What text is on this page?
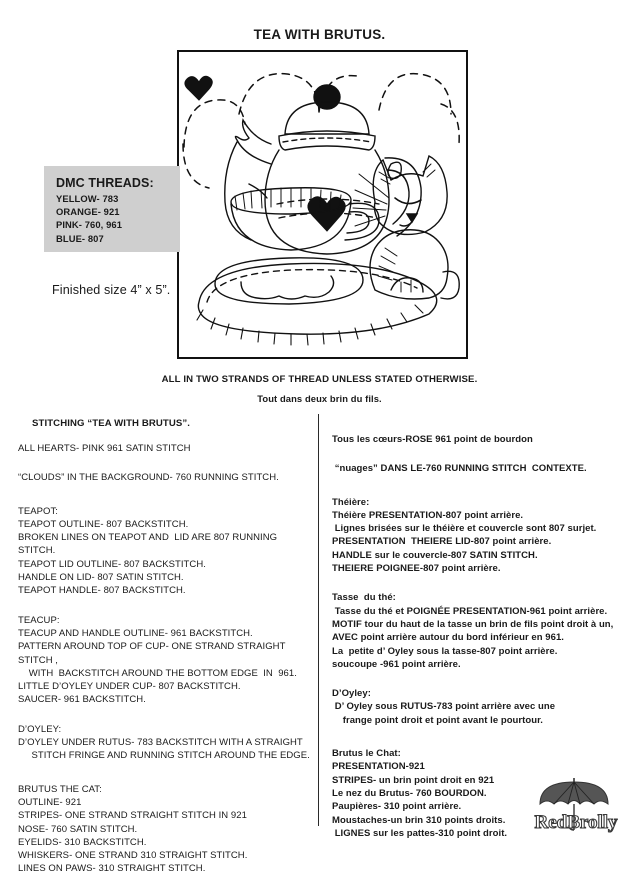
TEA WITH BRUTUS.
DMC THREADS:
YELLOW- 783
ORANGE- 921
PINK- 760, 961
BLUE- 807
Finished size 4” x 5”.
ALL IN TWO STRANDS OF THREAD UNLESS STATED OTHERWISE.
Tout dans deux brin du fils.
STITCHING “TEA WITH BRUTUS”.
ALL HEARTS- PINK 961 SATIN STITCH
“CLOUDS” IN THE BACKGROUND- 760 RUNNING STITCH.
TEAPOT:
TEAPOT OUTLINE- 807 BACKSTITCH.
BROKEN LINES ON TEAPOT AND  LID ARE 807 RUNNING STITCH.
TEAPOT LID OUTLINE- 807 BACKSTITCH.
HANDLE ON LID- 807 SATIN STITCH.
TEAPOT HANDLE- 807 BACKSTITCH.
TEACUP:
TEACUP AND HANDLE OUTLINE- 961 BACKSTITCH.
PATTERN AROUND TOP OF CUP- ONE STRAND STRAIGHT STITCH ,
WITH  BACKSTITCH AROUND THE BOTTOM EDGE  IN  961.
LITTLE D’OYLEY UNDER CUP- 807 BACKSTITCH.
SAUCER- 961 BACKSTITCH.
D’OYLEY:
D’OYLEY UNDER RUTUS- 783 BACKSTITCH WITH A STRAIGHT
STITCH FRINGE AND RUNNING STITCH AROUND THE EDGE.
BRUTUS THE CAT:
OUTLINE- 921
STRIPES- ONE STRAND STRAIGHT STITCH IN 921
NOSE- 760 SATIN STITCH.
EYELIDS- 310 BACKSTITCH.
WHISKERS- ONE STRAND 310 STRAIGHT STITCH.
LINES ON PAWS- 310 STRAIGHT STITCH.
Tous les cœurs-ROSE 961 point de bourdon
“nuages” DANS LE-760 RUNNING STITCH  CONTEXTE.
Théière:
Théière PRESENTATION-807 point arrière.
Lignes brisées sur le théière et couvercle sont 807 surjet.
PRESENTATION  THEIERE LID-807 point arrière.
HANDLE sur le couvercle-807 SATIN STITCH.
THEIERE POIGNEE-807 point arrière.
Tasse  du thé:
Tasse du thé et POIGNÉE PRESENTATION-961 point arrière.
MOTIF tour du haut de la tasse un brin de fils point droit à un,
AVEC point arrière autour du bord inférieur en 961.
La  petite d’ Oyley sous la tasse-807 point arrière.
soucoupe -961 point arrière.
D’Oyley:
D’ Oyley sous RUTUS-783 point arrière avec une
frange point droit et point avant le pourtour.
Brutus le Chat:
PRESENTATION-921
STRIPES- un brin point droit en 921
Le nez du Brutus- 760 BOURDON.
Paupières- 310 point arrière.
Moustaches-un brin 310 points droits.
LIGNES sur les pattes-310 point droit.
RedBrolly
